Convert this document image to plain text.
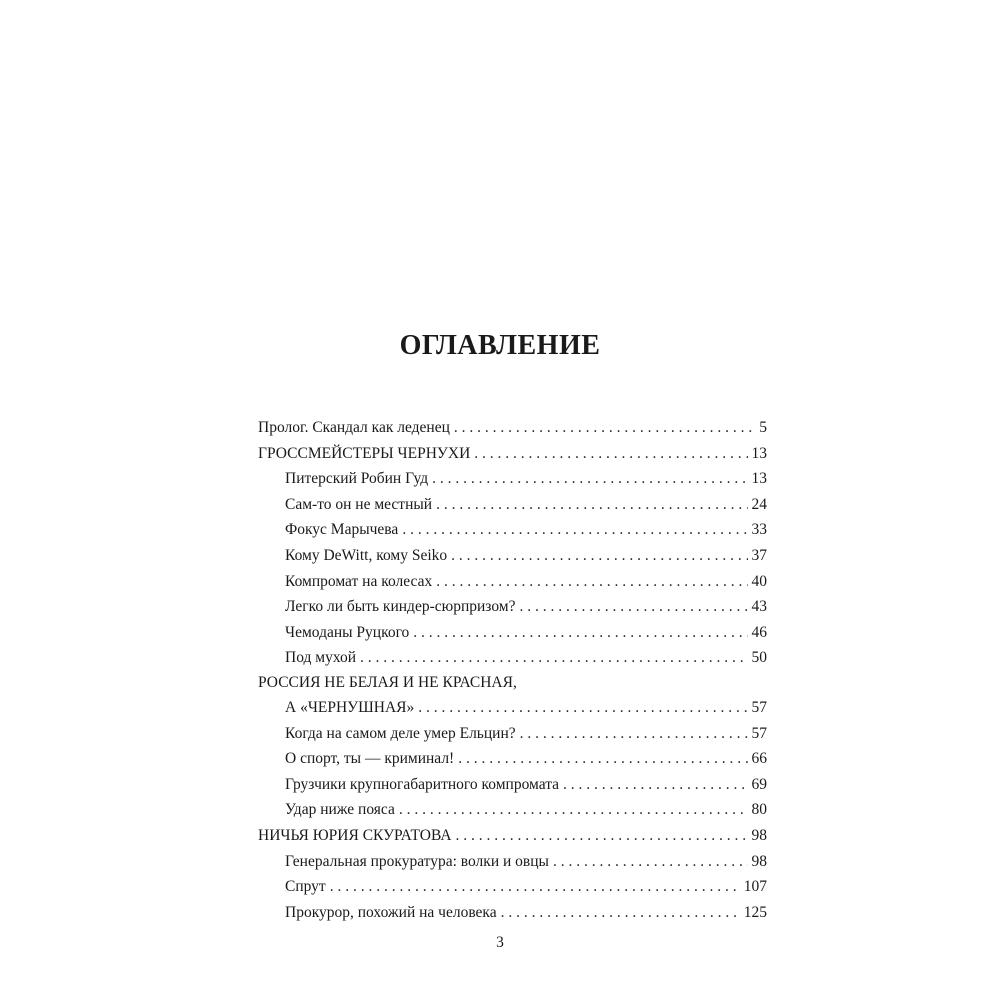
ОГЛАВЛЕНИЕ
Пролог. Скандал как леденец . . .	5
ГРОССМЕЙСТЕРЫ ЧЕРНУХИ . . .	13
Питерский Робин Гуд . . .	13
Сам-то он не местный . . .	24
Фокус Марычева . . .	33
Кому DeWitt, кому Seiko . . .	37
Компромат на колесах . . .	40
Легко ли быть киндер-сюрпризом? . . .	43
Чемоданы Руцкого . . .	46
Под мухой . . .	50
РОССИЯ НЕ БЕЛАЯ И НЕ КРАСНАЯ,
А «ЧЕРНУШНАЯ» . . .	57
Когда на самом деле умер Ельцин? . . .	57
О спорт, ты — криминал! . . .	66
Грузчики крупногабаритного компромата . . .	69
Удар ниже пояса . . .	80
НИЧЬЯ ЮРИЯ СКУРАТОВА . . .	98
Генеральная прокуратура: волки и овцы . . .	98
Спрут . . .	107
Прокурор, похожий на человека . . .	125
3
